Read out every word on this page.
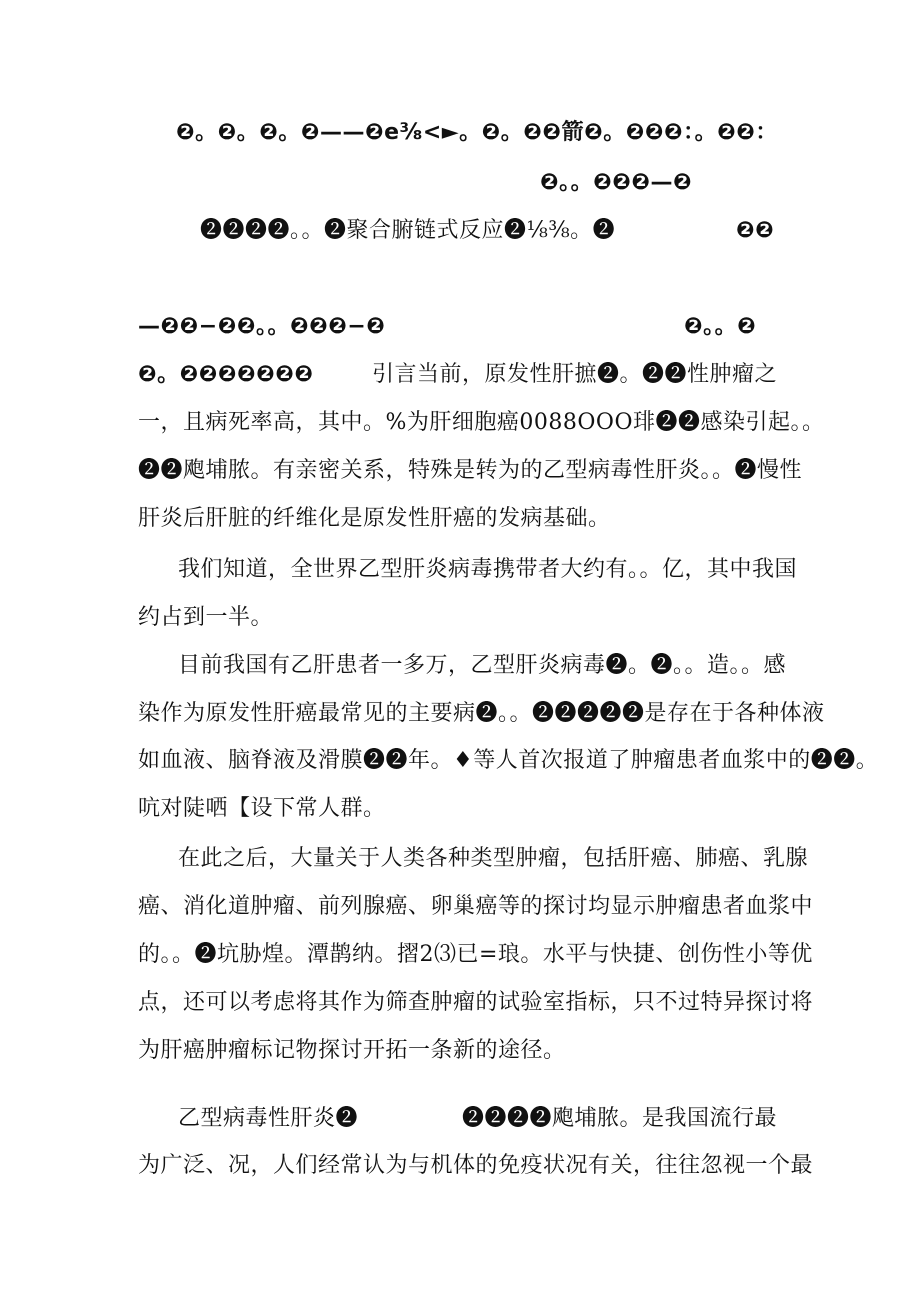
❷。❷。❷。❷——❷e⅜<►。❷。❷❷箭❷。❷❷❷：。❷❷：
❷。。❷❷❷—❷
❷❷❷❷。。❷聚合腑链式反应❷⅛⅜。❷	❷❷
—❷❷−❷❷。。❷❷❷−❷	❷。。❷
❷。❷❷❷❷❷❷❷	引言当前，原发性肝摭❷。❷❷性肿瘤之
一，且病死率高，其中。%为肝细胞癌0088OOO琲❷❷感染引起。。
❷❷飑埔脓。有亲密关系，特殊是转为的乙型病毒性肝炎。。❷慢性
肝炎后肝脏的纤维化是原发性肝癌的发病基础。
我们知道，全世界乙型肝炎病毒携带者大约有。。亿，其中我国
约占到一半。
目前我国有乙肝患者一多万，乙型肝炎病毒❷。❷。。造。。感
染作为原发性肝癌最常见的主要病❷。。❷❷❷❷❷是存在于各种体液
如血液、脑脊液及滑膜❷❷年。♦等人首次报道了肿瘤患者血浆中的❷❷。
吭对陡哂【设下常人群。
在此之后，大量关于人类各种类型肿瘤，包括肝癌、肺癌、乳腺
癌、消化道肿瘤、前列腺癌、卵巢癌等的探讨均显示肿瘤患者血浆中
的。。❷坑胁煌。潭鹊纳。摺2⑶已=琅。水平与快捷、创伤性小等优
点，还可以考虑将其作为筛查肿瘤的试验室指标，只不过特异探讨将
为肝癌肿瘤标记物探讨开拓一条新的途径。
乙型病毒性肝炎❷	❷❷❷❷飑埔脓。是我国流行最
为广泛、况，人们经常认为与机体的免疫状况有关，往往忽视一个最
